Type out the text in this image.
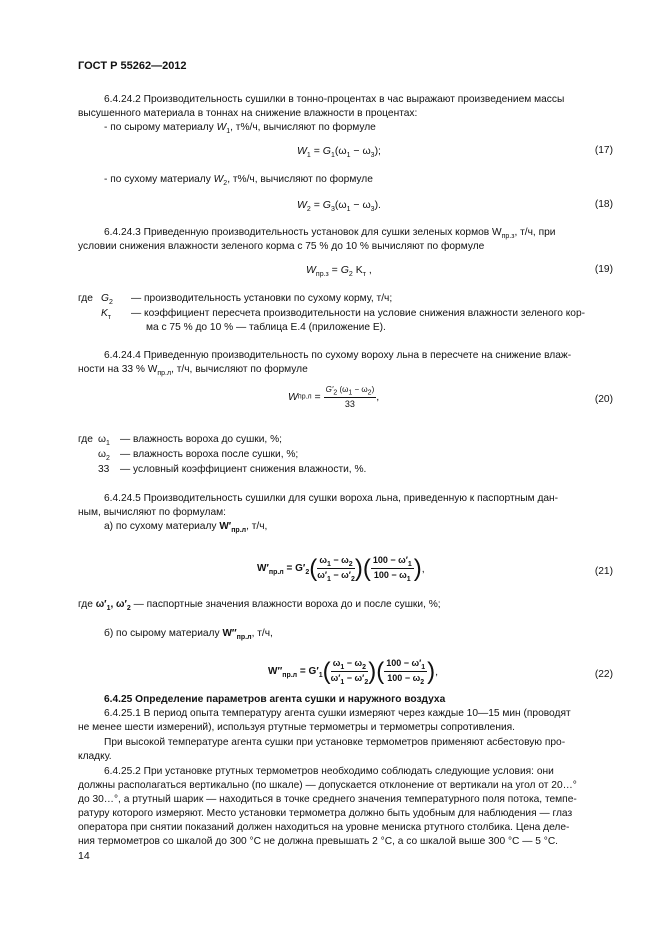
ГОСТ Р 55262—2012
6.4.24.2 Производительность сушилки в тонно-процентах в час выражают произведением массы
высушенного материала в тоннах на снижение влажности в процентах:
- по сырому материалу $W_1$, т%/ч, вычисляют по формуле
$W_1 = G_1(\omega_1 - \omega_3)$;	(17)
- по сухому материалу $W_2$, т%/ч, вычисляют по формуле
$W_2 = G_3(\omega_1 - \omega_3)$.	(18)
6.4.24.3 Приведенную производительность установок для сушки зеленых кормов $W_{пр.з}$, т/ч, при
условии снижения влажности зеленого корма с 75 % до 10 % вычисляют по формуле
$W_{пр.з} = G_2$ $K_т$ ,	(19)
где $G_2$ — производительность установки по сухому корму, т/ч;
$K_т$ — коэффициент пересчета производительности на условие снижения влажности зеленого кор-
ма с 75 % до 10 % — таблица Е.4 (приложение Е).
6.4.24.4 Приведенную производительность по сухому вороху льна в пересчете на снижение влаж-
ности на 33 % $W_{пр.л}$, т/ч, вычисляют по формуле
$Wпр.л = \frac{G'_2 (\omega_1 - \omega_2)}{33}$ ,	(20)
где $\omega_1$ — влажность вороха до сушки, %;
$\omega_2$ — влажность вороха после сушки, %;
33 — условный коэффициент снижения влажности, %.
6.4.24.5 Производительность сушилки для сушки вороха льна, приведенную к паспортным дан-
ным, вычисляют по формулам:
а) по сухому материалу $W'_{пр.л}$, т/ч,
$W'_{пр.л} = G'_2( \frac{\omega_1 - \omega_2}{\omega'_1 - \omega'_2}$ )( $\frac{100 - \omega'_1}{100 - \omega_1}$ ),	(21)
где $\omega'_1$, $\omega'_2$ — паспортные значения влажности вороха до и после сушки, %;
б) по сырому материалу $W''_{пр.л}$, т/ч,
$W''_{пр.л} = G'_1( \frac{\omega_1 - \omega_2}{\omega'_1 - \omega'_2}$ )( $\frac{100 - \omega'_1}{100 - \omega_2}$ ),	(22)
6.4.25 Определение параметров агента сушки и наружного воздуха
6.4.25.1 В период опыта температуру агента сушки измеряют через каждые 10—15 мин (проводят
не менее шести измерений), используя ртутные термометры и термометры сопротивления.
При высокой температуре агента сушки при установке термометров применяют асбестовую про-
кладку.
6.4.25.2 При установке ртутных термометров необходимо соблюдать следующие условия: они
должны располагаться вертикально (по шкале) — допускается отклонение от вертикали на угол от 20…°
до 30…°, а ртутный шарик — находиться в точке среднего значения температурного поля потока, темпе-
ратуру которого измеряют. Место установки термометра должно быть удобным для наблюдения — глаз
оператора при снятии показаний должен находиться на уровне мениска ртутного столбика. Цена деле-
ния термометров со шкалой до 300 °С не должна превышать 2 °С, а со шкалой выше 300 °С — 5 °С.
14
